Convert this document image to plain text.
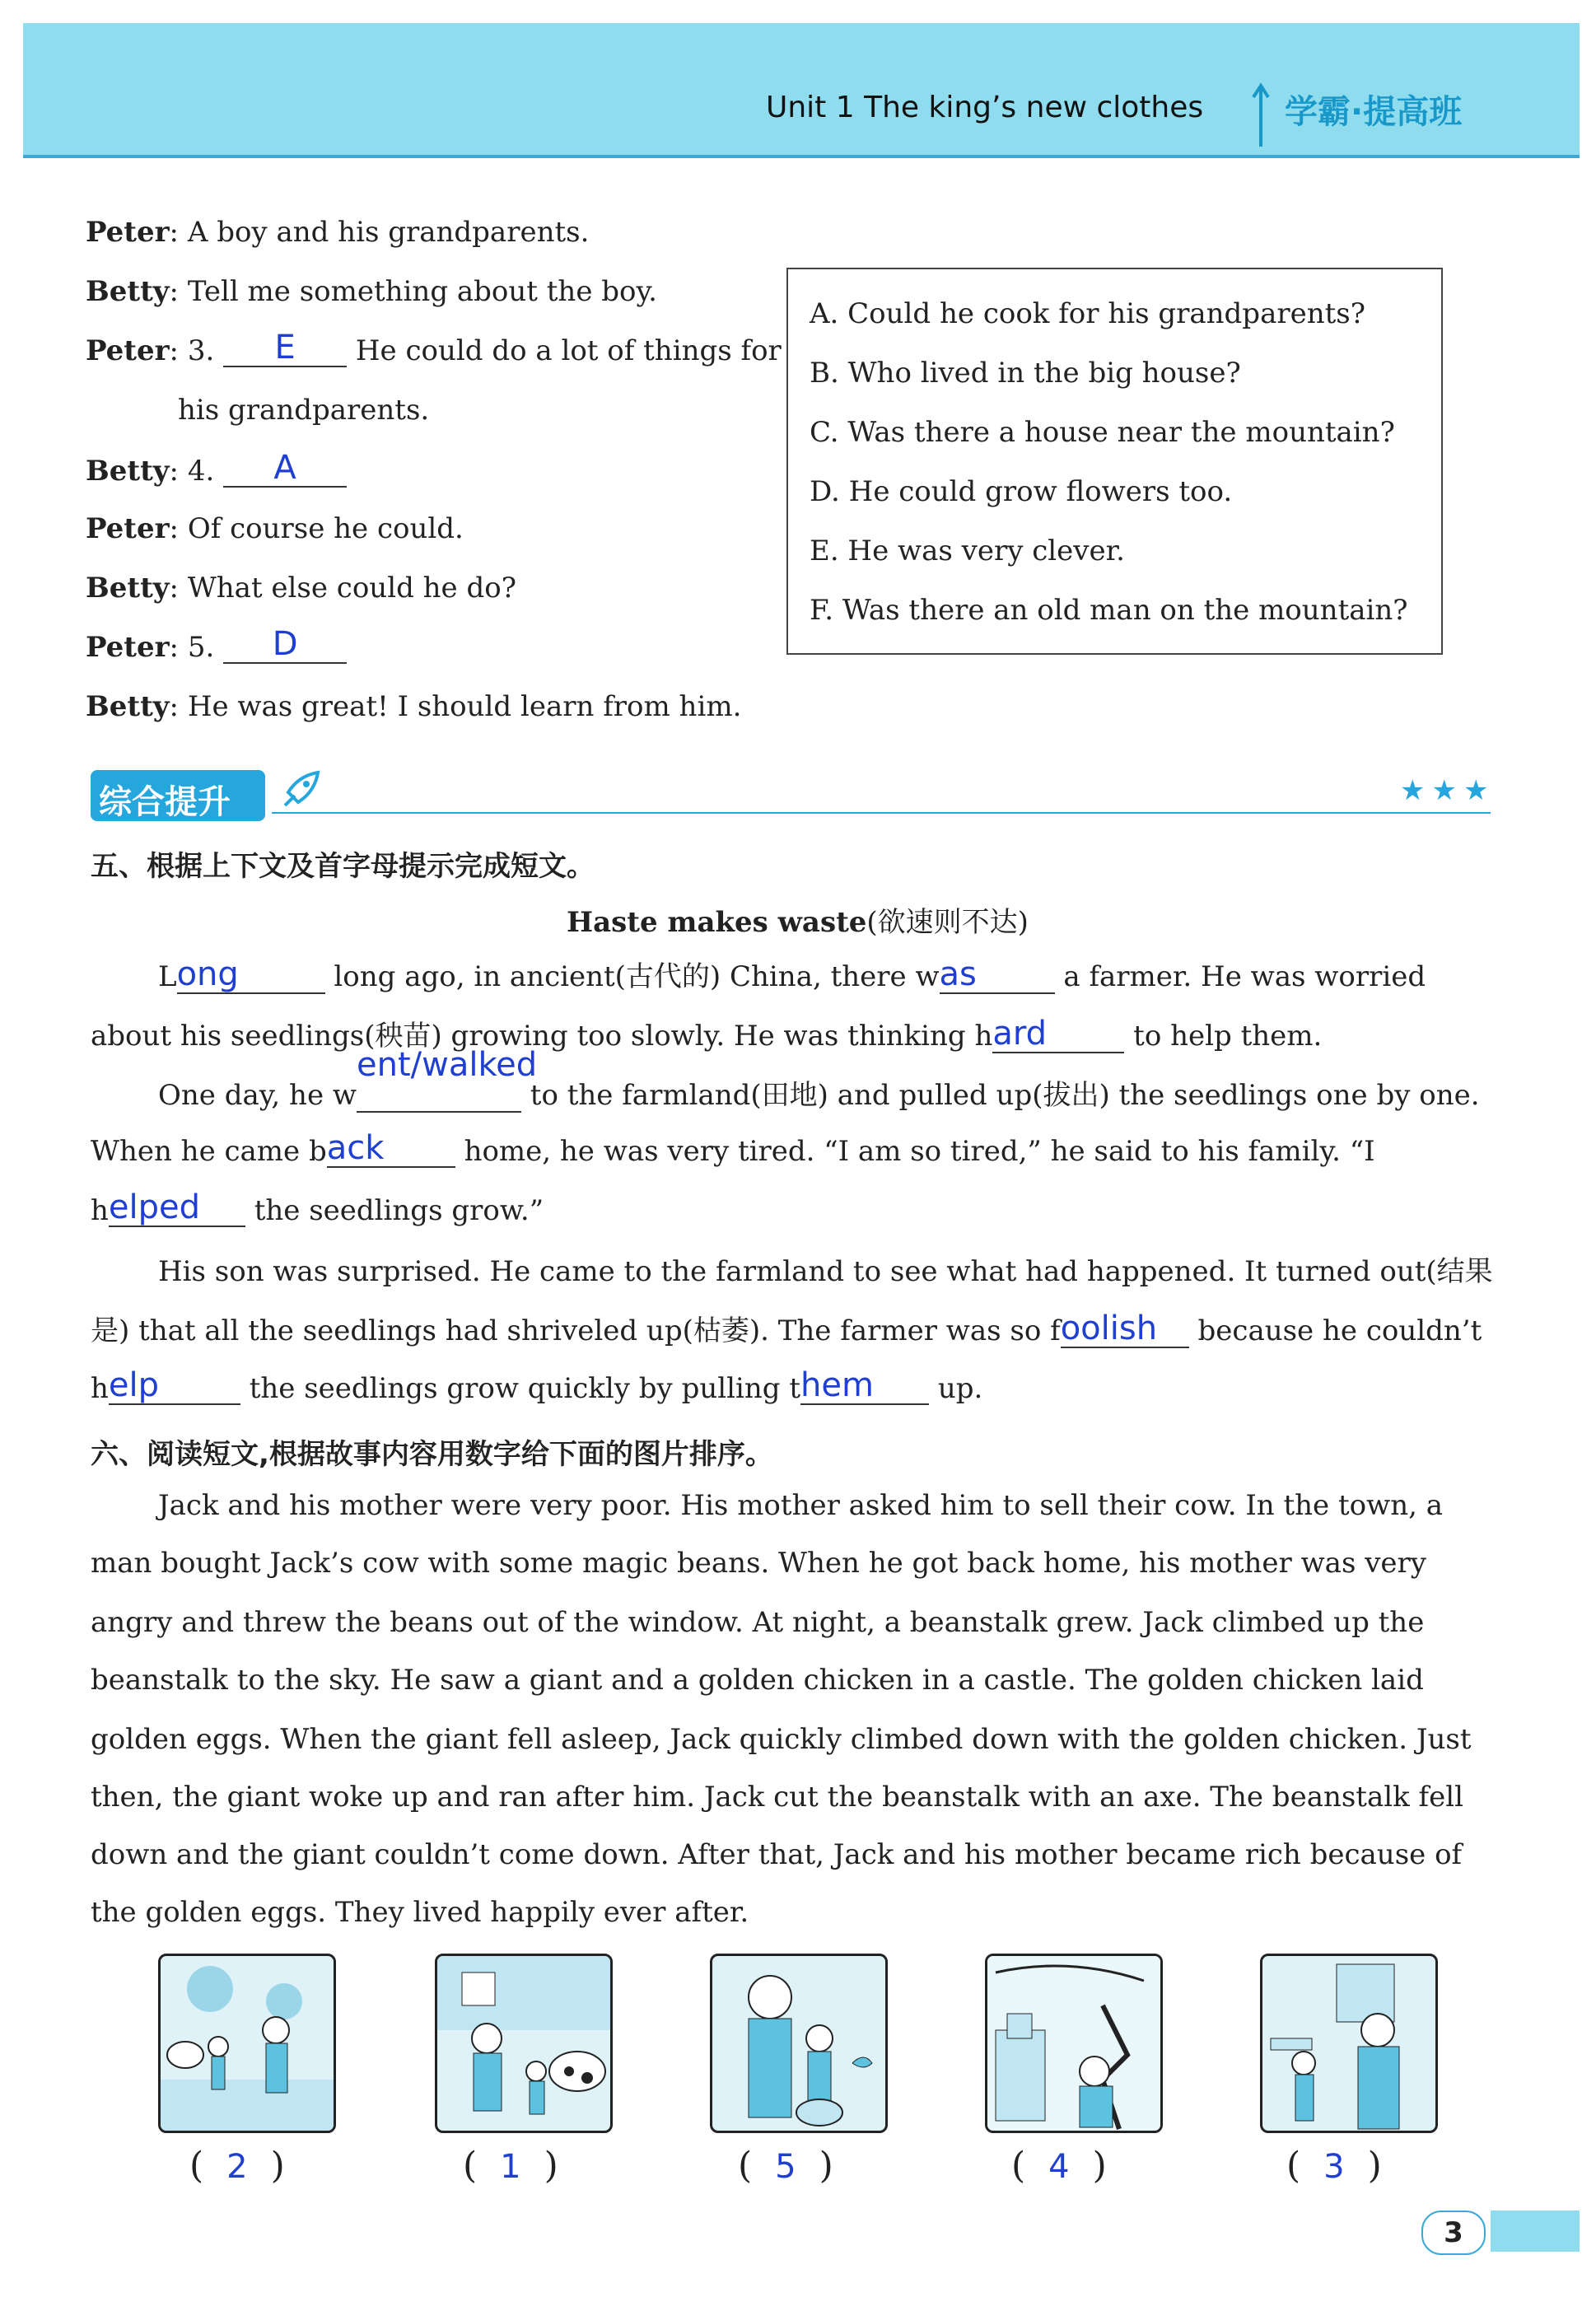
Unit 1 The king’s new clothes 学霸·提高班
Peter: A boy and his grandparents.
Betty: Tell me something about the boy.
Peter: 3. E He could do a lot of things for
his grandparents.
Betty: 4. A
Peter: Of course he could.
Betty: What else could he do?
Peter: 5. D
Betty: He was great! I should learn from him.
A. Could he cook for his grandparents?
B. Who lived in the big house?
C. Was there a house near the mountain?
D. He could grow flowers too.
E. He was very clever.
F. Was there an old man on the mountain?
综合提升	★★★
五、根据上下文及首字母提示完成短文。
Haste makes waste(欲速则不达)
Long	long ago, in ancient(古代的) China, there was	a farmer. He was worried
about his seedlings(秧苗) growing too slowly. He was thinking hard	to help them.
One day, he w
ent/walked
to the farmland(田地) and pulled up(拔出) the seedlings one by one.
When he came back	home, he was very tired. “I am so tired,” he said to his family. “I
helped the seedlings grow.”
His son was surprised. He came to the farmland to see what had happened. It turned out(结果
是) that all the seedlings had shriveled up(枯萎). The farmer was so foolish because he couldn’t
help	the seedlings grow quickly by pulling them up.
六、阅读短文,根据故事内容用数字给下面的图片排序。
Jack and his mother were very poor. His mother asked him to sell their cow. In the town, a
man bought Jack’s cow with some magic beans. When he got back home, his mother was very
angry and threw the beans out of the window. At night, a beanstalk grew. Jack climbed up the
beanstalk to the sky. He saw a giant and a golden chicken in a castle. The golden chicken laid
golden eggs. When the giant fell asleep, Jack quickly climbed down with the golden chicken. Just
then, the giant woke up and ran after him. Jack cut the beanstalk with an axe. The beanstalk fell
down and the giant couldn’t come down. After that, Jack and his mother became rich because of
the golden eggs. They lived happily ever after.
(  2  )	(  1  )	(  5  )	(  4  )	(  3  )
3
